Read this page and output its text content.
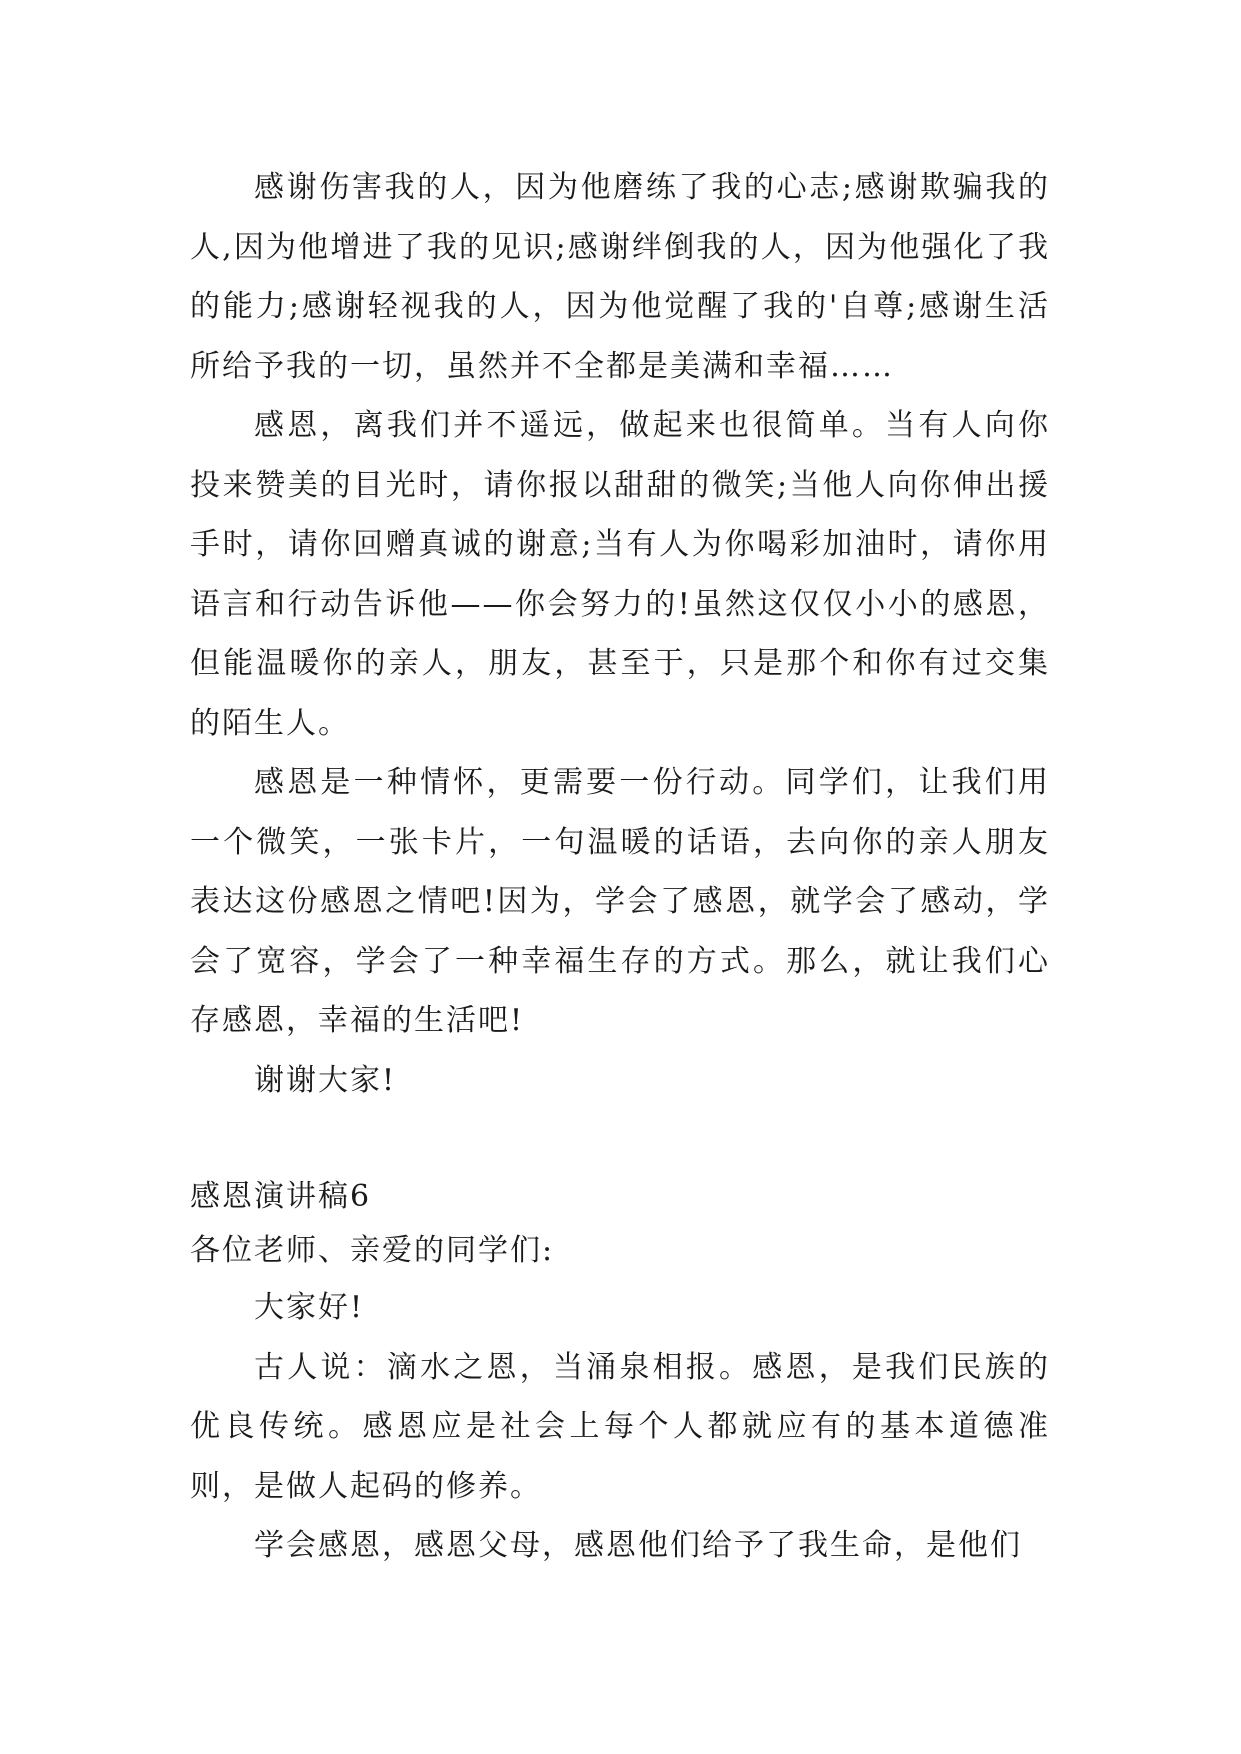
感谢伤害我的人，因为他磨练了我的心志;感谢欺骗我的人,因为他增进了我的见识;感谢绊倒我的人，因为他强化了我的能力;感谢轻视我的人，因为他觉醒了我的'自尊;感谢生活所给予我的一切，虽然并不全都是美满和幸福……

感恩，离我们并不遥远，做起来也很简单。当有人向你投来赞美的目光时，请你报以甜甜的微笑;当他人向你伸出援手时，请你回赠真诚的谢意;当有人为你喝彩加油时，请你用语言和行动告诉他——你会努力的!虽然这仅仅小小的感恩，但能温暖你的亲人，朋友，甚至于，只是那个和你有过交集的陌生人。

感恩是一种情怀，更需要一份行动。同学们，让我们用一个微笑，一张卡片，一句温暖的话语，去向你的亲人朋友表达这份感恩之情吧!因为，学会了感恩，就学会了感动，学会了宽容，学会了一种幸福生存的方式。那么，就让我们心存感恩，幸福的生活吧!

谢谢大家!

感恩演讲稿6

各位老师、亲爱的同学们:

大家好!

古人说：滴水之恩，当涌泉相报。感恩，是我们民族的优良传统。感恩应是社会上每个人都就应有的基本道德准则，是做人起码的修养。

学会感恩，感恩父母，感恩他们给予了我生命，是他们
